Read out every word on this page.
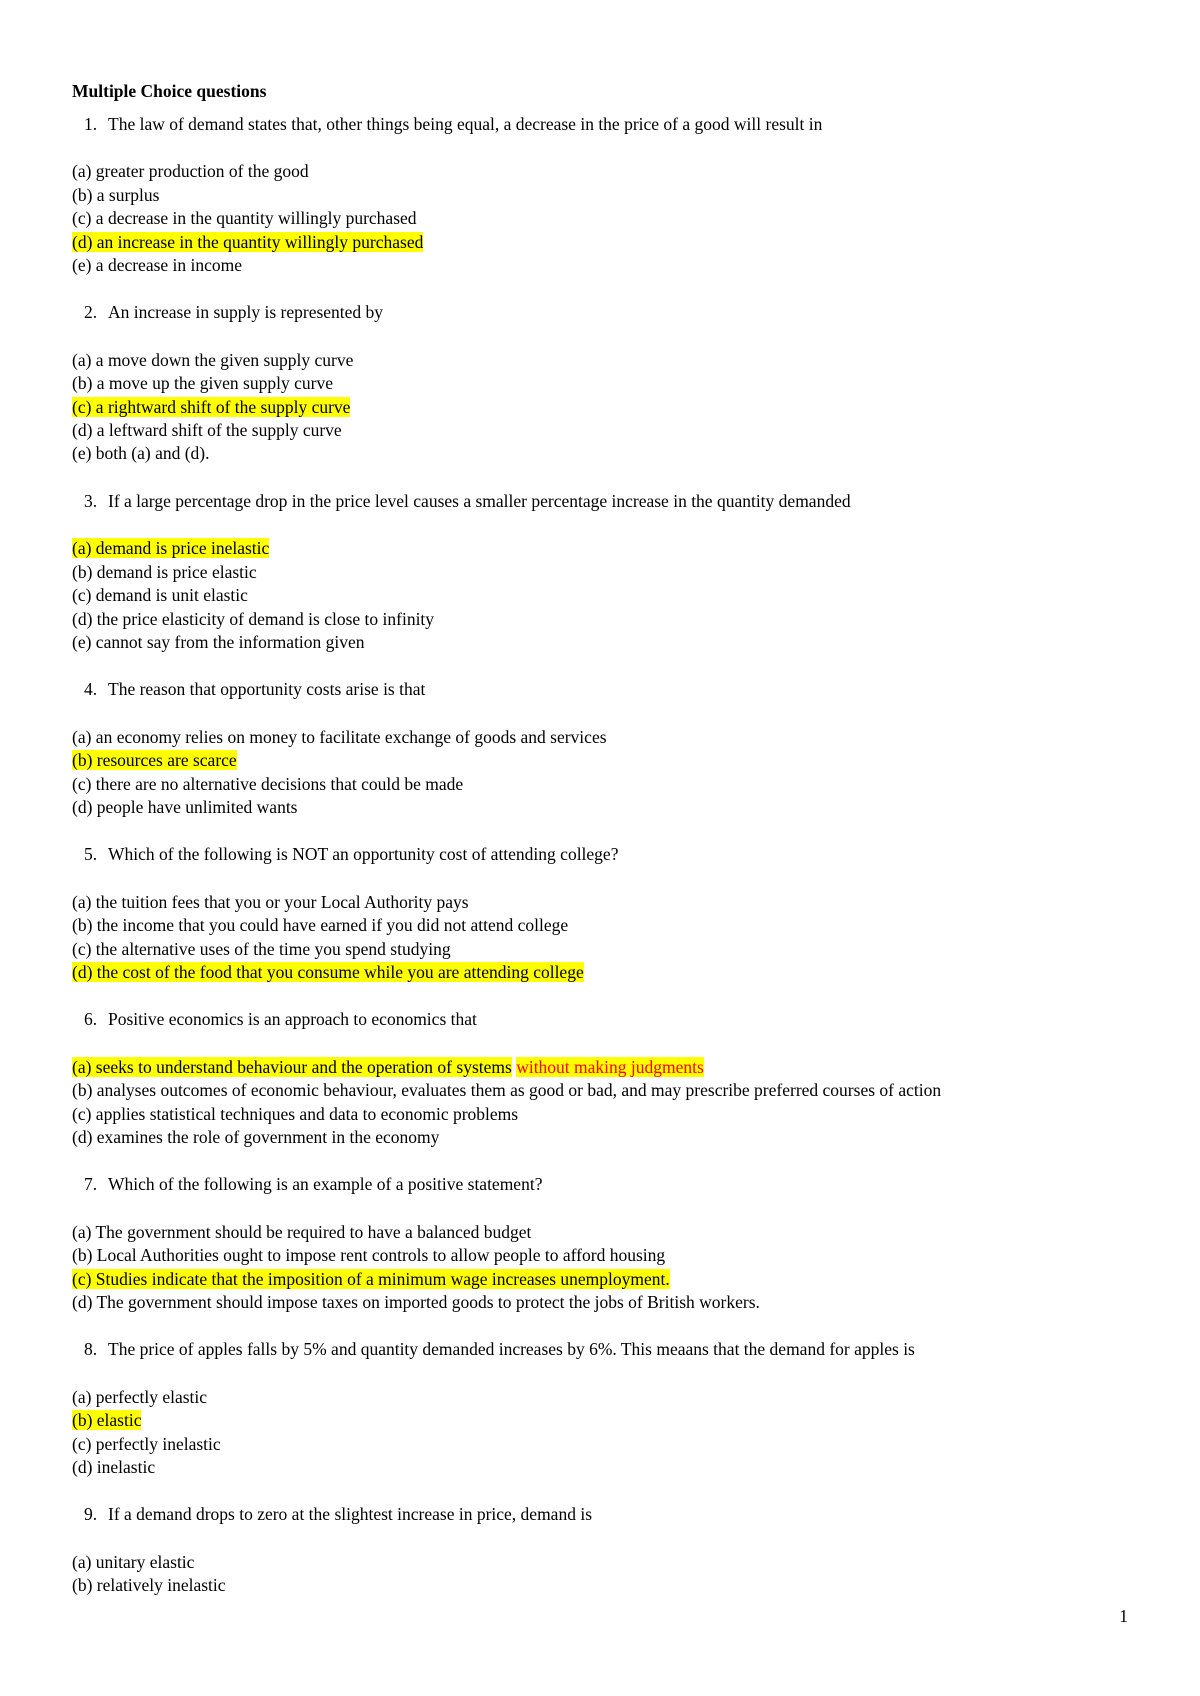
Multiple Choice questions
1. The law of demand states that, other things being equal, a decrease in the price of a good will result in
(a) greater production of the good
(b) a surplus
(c) a decrease in the quantity willingly purchased
(d) an increase in the quantity willingly purchased
(e) a decrease in income
2. An increase in supply is represented by
(a) a move down the given supply curve
(b) a move up the given supply curve
(c) a rightward shift of the supply curve
(d) a leftward shift of the supply curve
(e) both (a) and (d).
3. If a large percentage drop in the price level causes a smaller percentage increase in the quantity demanded
(a) demand is price inelastic
(b) demand is price elastic
(c) demand is unit elastic
(d) the price elasticity of demand is close to infinity
(e) cannot say from the information given
4. The reason that opportunity costs arise is that
(a) an economy relies on money to facilitate exchange of goods and services
(b) resources are scarce
(c) there are no alternative decisions that could be made
(d) people have unlimited wants
5. Which of the following is NOT an opportunity cost of attending college?
(a) the tuition fees that you or your Local Authority pays
(b) the income that you could have earned if you did not attend college
(c) the alternative uses of the time you spend studying
(d) the cost of the food that you consume while you are attending college
6. Positive economics is an approach to economics that
(a) seeks to understand behaviour and the operation of systems without making judgments
(b) analyses outcomes of economic behaviour, evaluates them as good or bad, and may prescribe preferred courses of action
(c) applies statistical techniques and data to economic problems
(d) examines the role of government in the economy
7. Which of the following is an example of a positive statement?
(a) The government should be required to have a balanced budget
(b) Local Authorities ought to impose rent controls to allow people to afford housing
(c) Studies indicate that the imposition of a minimum wage increases unemployment.
(d) The government should impose taxes on imported goods to protect the jobs of British workers.
8. The price of apples falls by 5% and quantity demanded increases by 6%. This meaans that the demand for apples is
(a) perfectly elastic
(b) elastic
(c) perfectly inelastic
(d) inelastic
9. If a demand drops to zero at the slightest increase in price, demand is
(a) unitary elastic
(b) relatively inelastic
1
